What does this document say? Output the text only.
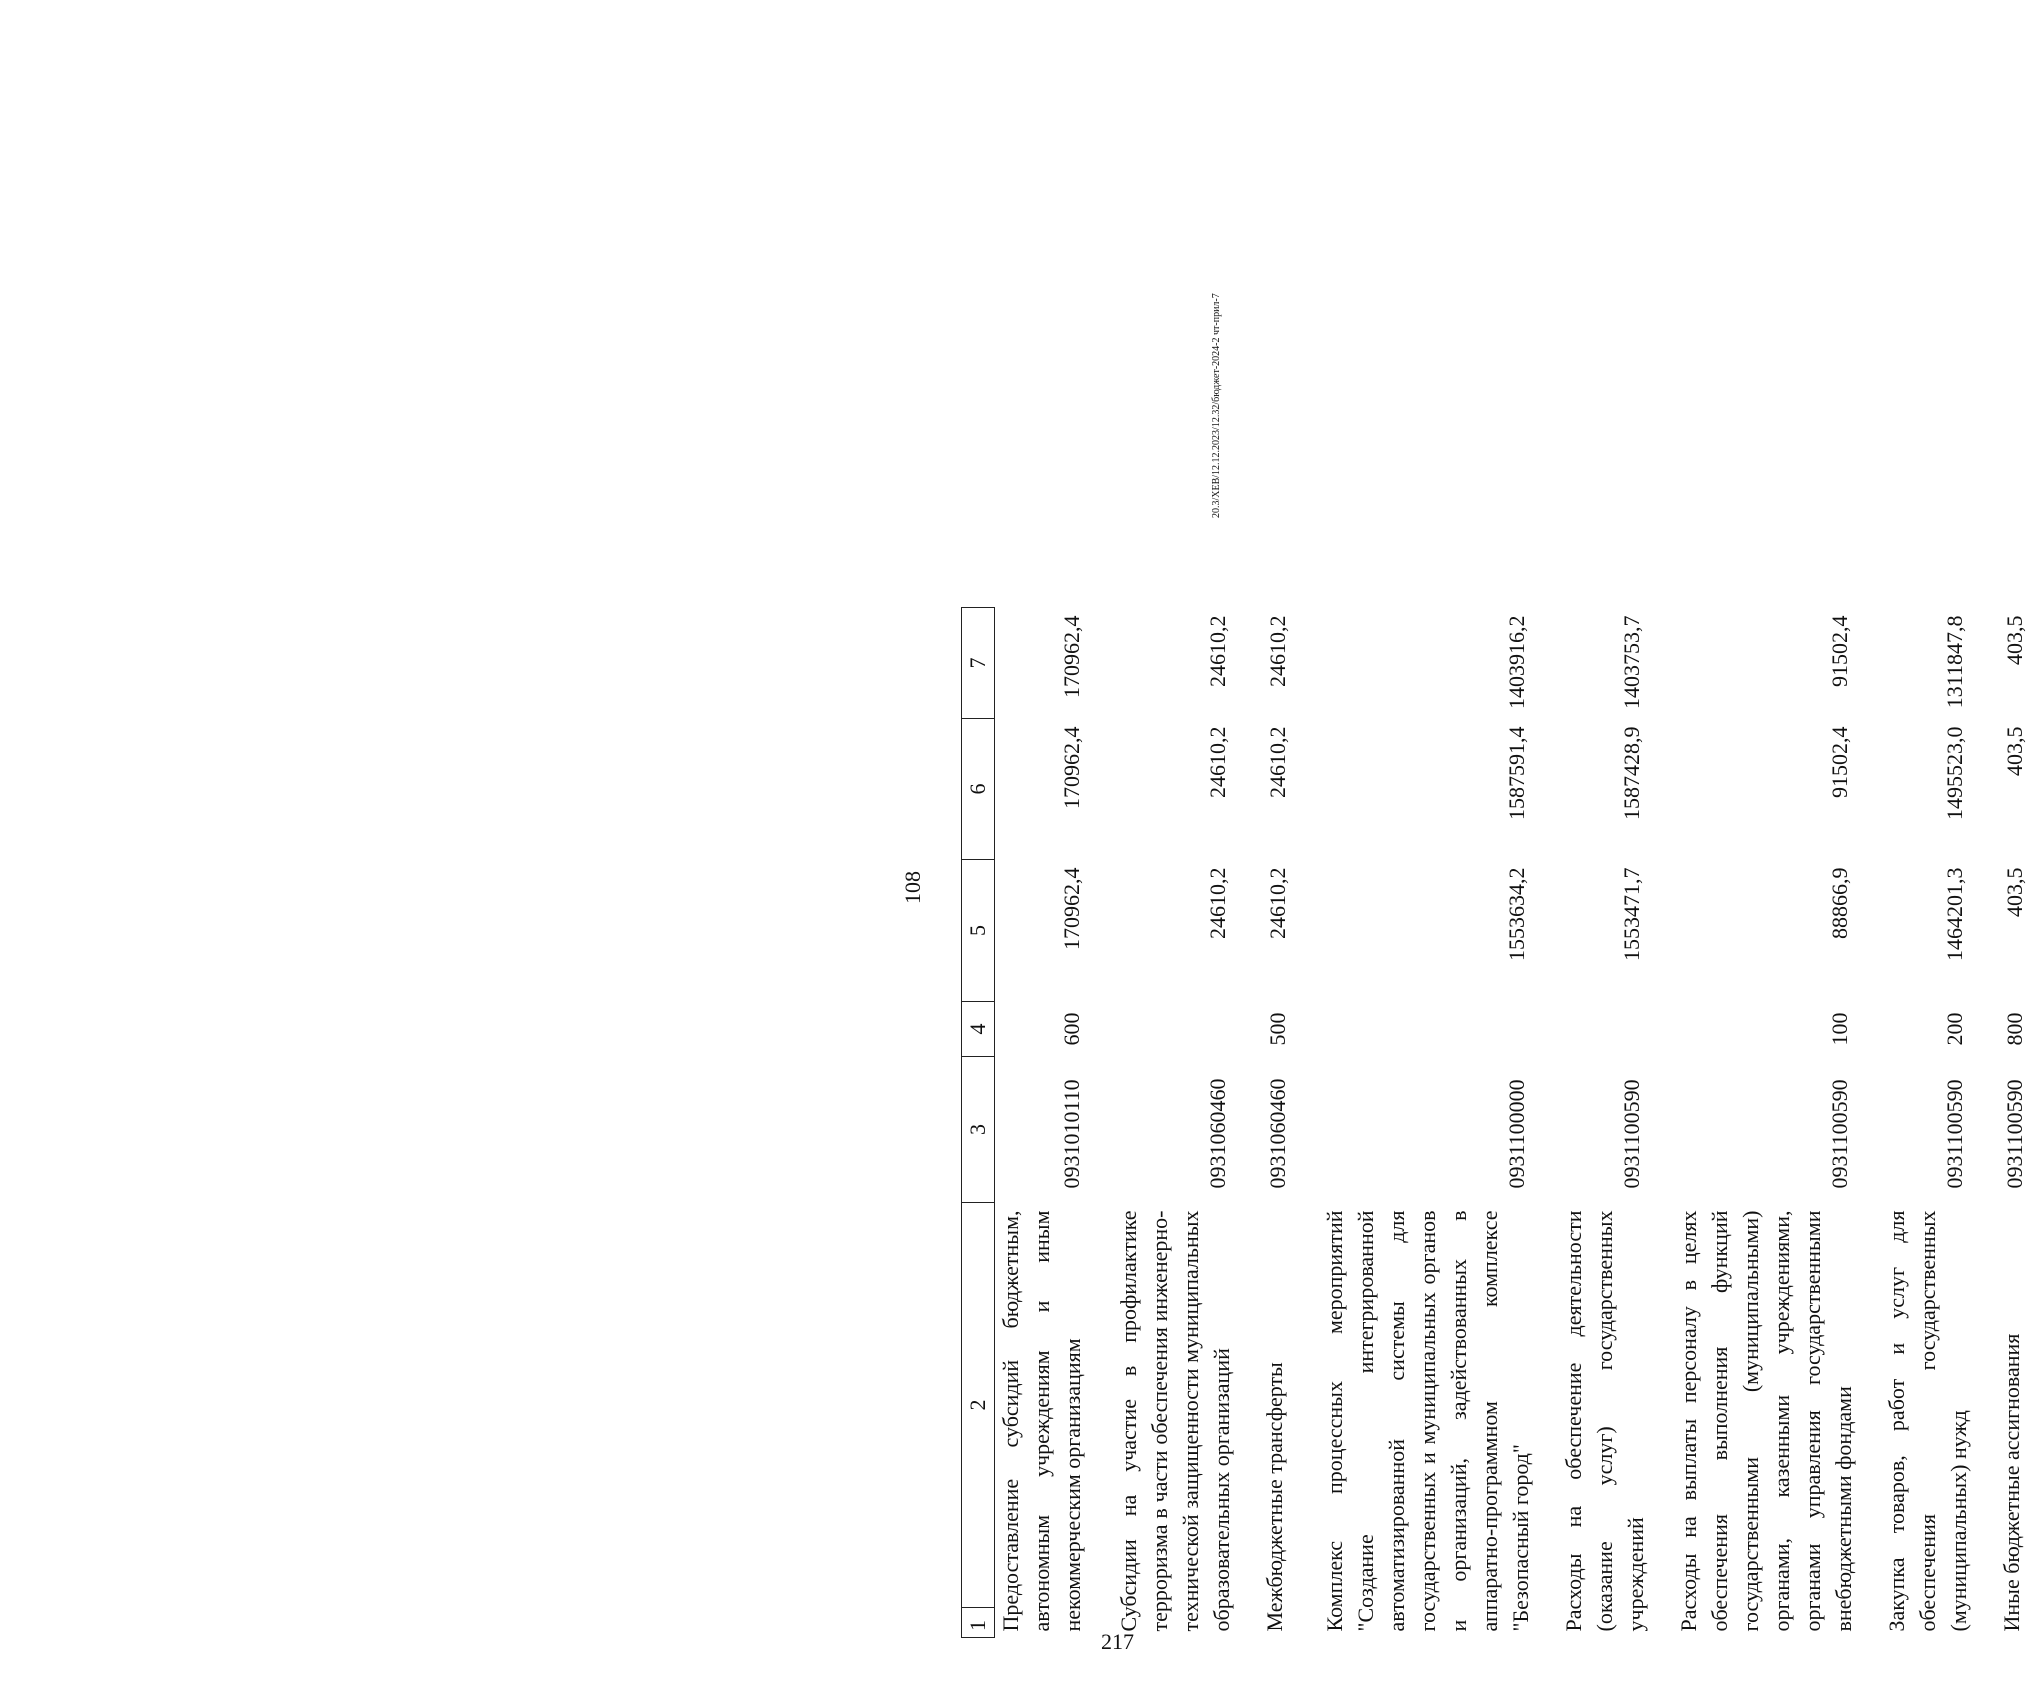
217
108
1	2	3	4	5	6	7
Предоставление субсидий бюджетным, автономным учреждениям и иным некоммерческим организациям		0931010110	600	170962,4	170962,4	170962,4
Субсидии на участие в профилактике терроризма в части обеспечения инженерно-технической защищенности муниципальных образовательных организаций		0931060460		24610,2	24610,2	24610,2
Межбюджетные трансферты		0931060460	500	24610,2	24610,2	24610,2
Комплекс процессных мероприятий "Создание интегрированной автоматизированной системы для государственных и муниципальных органов и организаций, задействованных в аппаратно-программном комплексе "Безопасный город"		0931100000		1553634,2	1587591,4	1403916,2
Расходы на обеспечение деятельности (оказание услуг) государственных учреждений		0931100590		1553471,7	1587428,9	1403753,7
Расходы на выплаты персоналу в целях обеспечения выполнения функций государственными (муниципальными) органами, казенными учреждениями, органами управления государственными внебюджетными фондами		0931100590	100	88866,9	91502,4	91502,4
Закупка товаров, работ и услуг для обеспечения государственных (муниципальных) нужд		0931100590	200	1464201,3	1495523,0	1311847,8
Иные бюджетные ассигнования		0931100590	800	403,5	403,5	403,5
20.3/ХЕВ/12.12.2023/12.32/бюджет-2024-2 чт-прил-7
